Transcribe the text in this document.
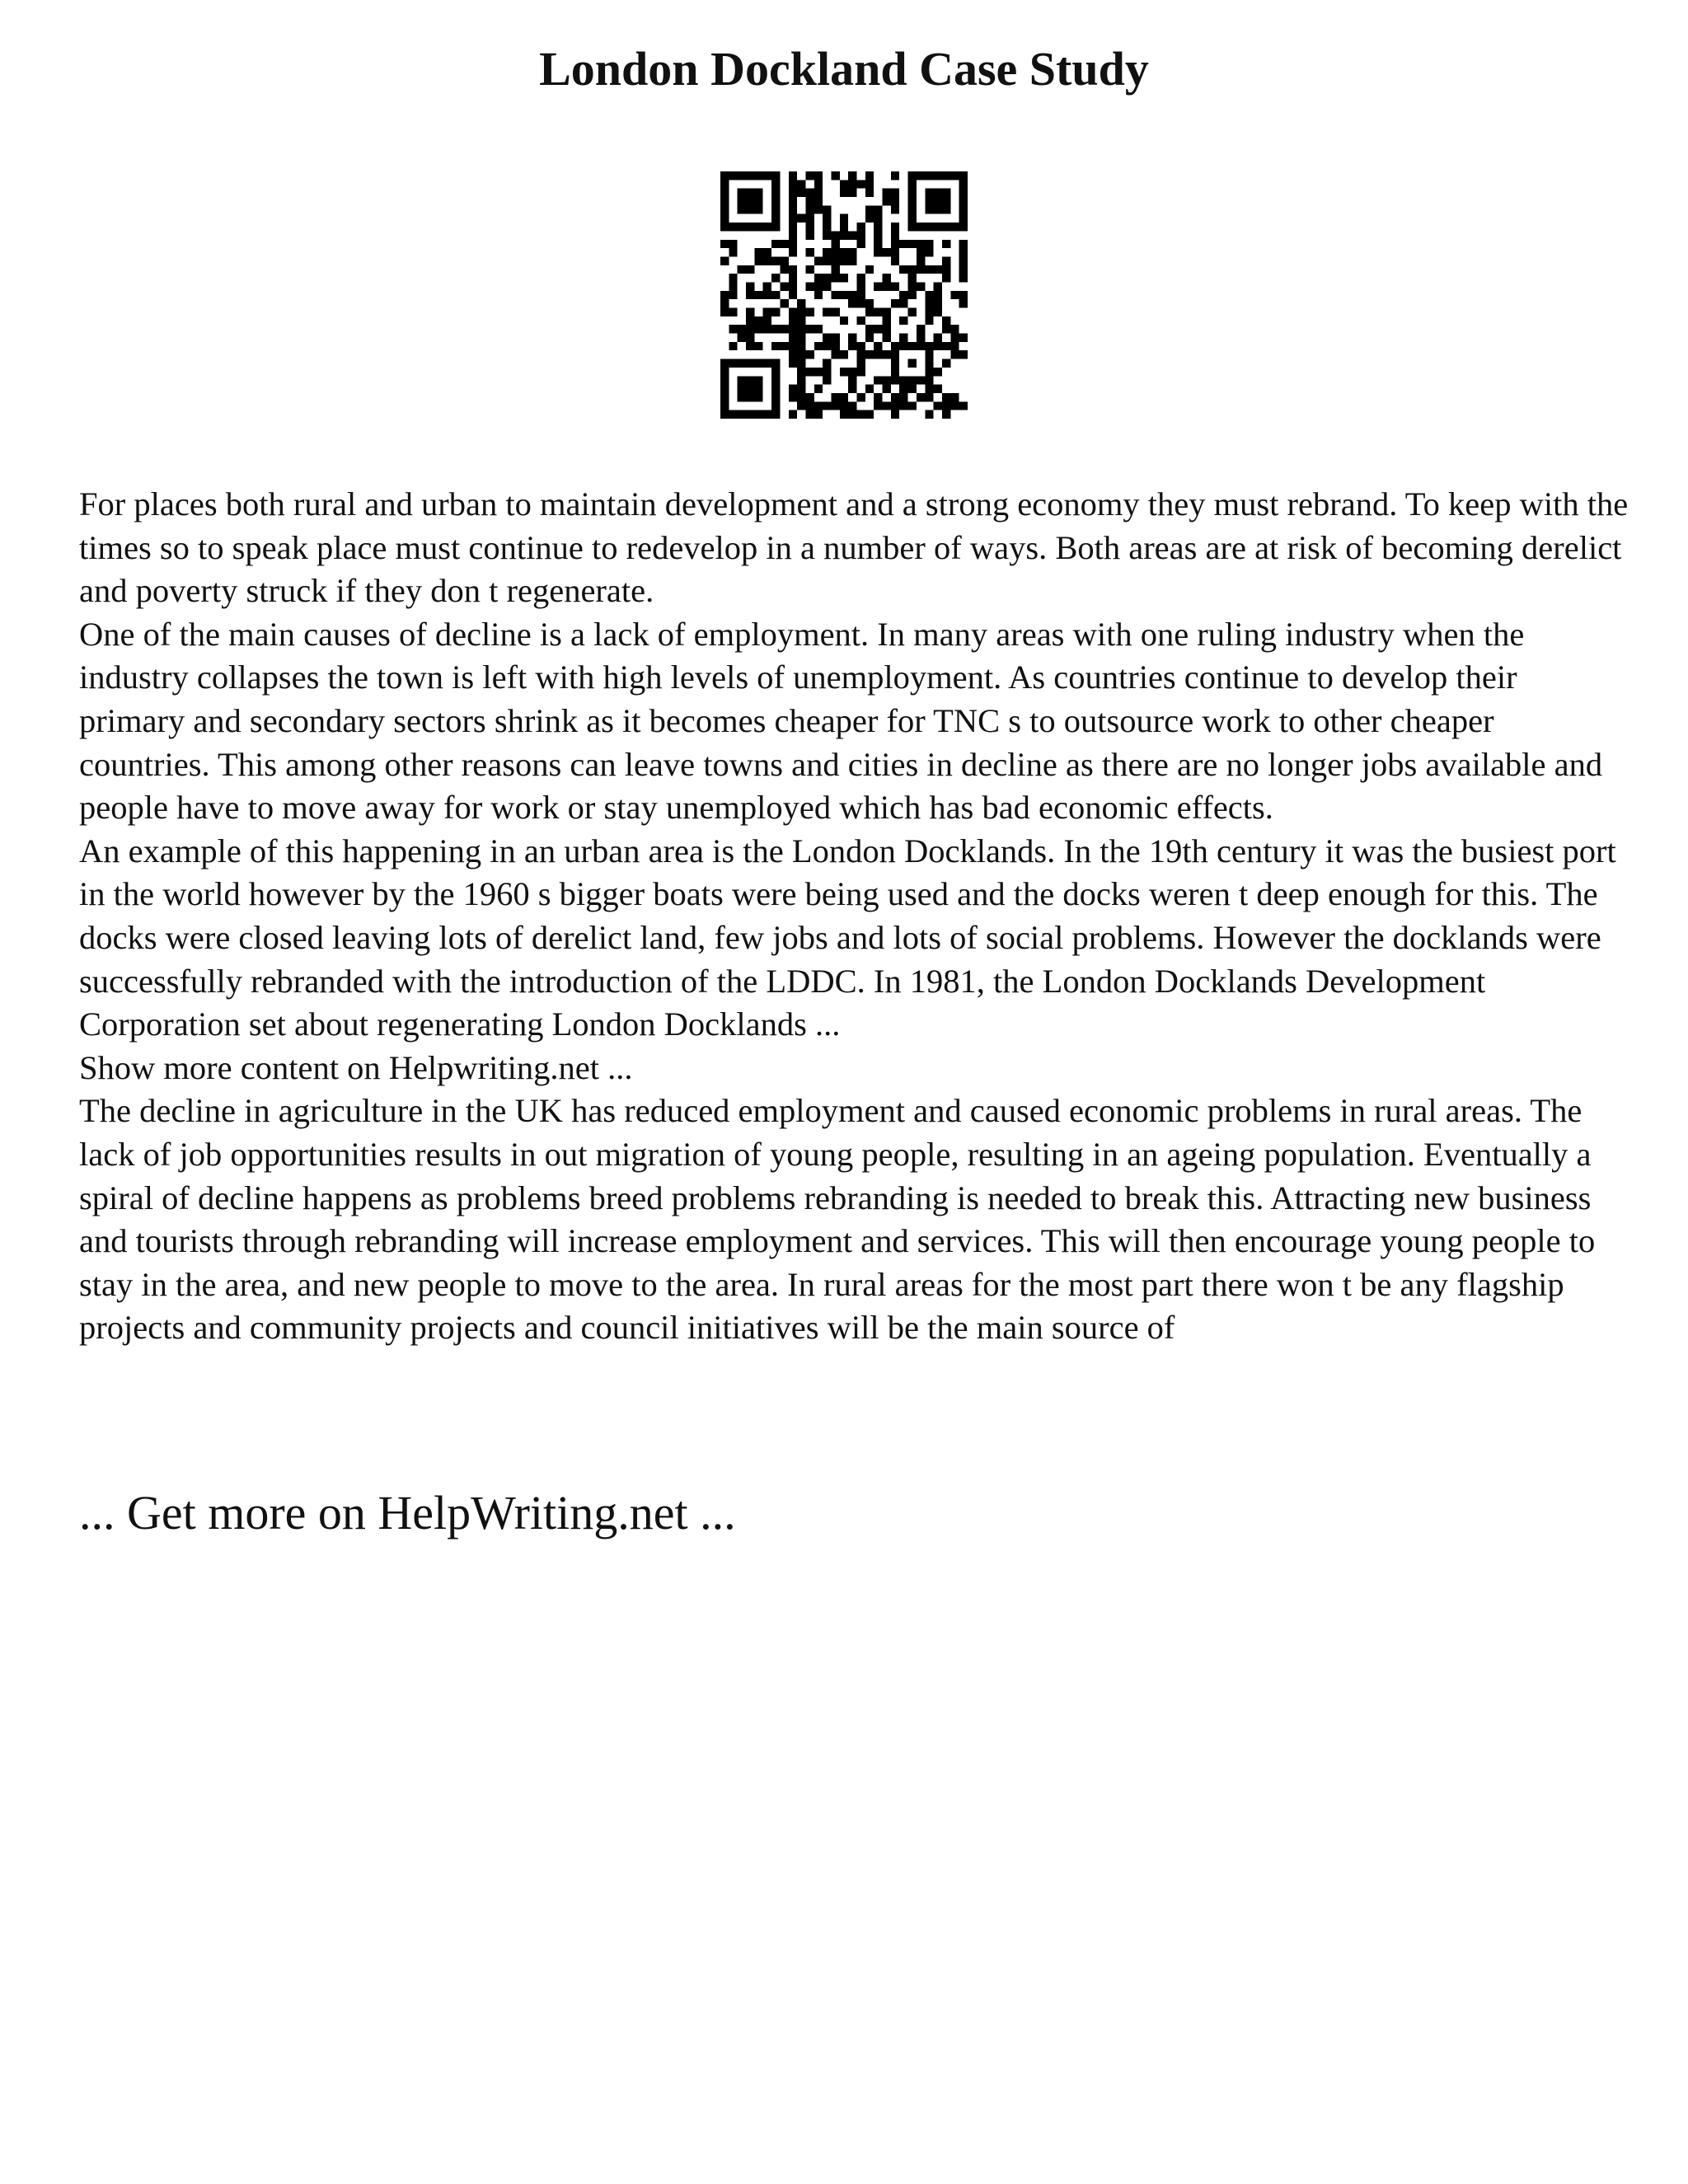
London Dockland Case Study

For places both rural and urban to maintain development and a strong economy they must rebrand. To keep with the times so to speak place must continue to redevelop in a number of ways. Both areas are at risk of becoming derelict and poverty struck if they don t regenerate.

One of the main causes of decline is a lack of employment. In many areas with one ruling industry when the industry collapses the town is left with high levels of unemployment. As countries continue to develop their primary and secondary sectors shrink as it becomes cheaper for TNC s to outsource work to other cheaper countries. This among other reasons can leave towns and cities in decline as there are no longer jobs available and people have to move away for work or stay unemployed which has bad economic effects.

An example of this happening in an urban area is the London Docklands. In the 19th century it was the busiest port in the world however by the 1960 s bigger boats were being used and the docks weren t deep enough for this. The docks were closed leaving lots of derelict land, few jobs and lots of social problems. However the docklands were successfully rebranded with the introduction of the LDDC. In 1981, the London Docklands Development Corporation set about regenerating London Docklands ...

Show more content on Helpwriting.net ...

The decline in agriculture in the UK has reduced employment and caused economic problems in rural areas. The lack of job opportunities results in out migration of young people, resulting in an ageing population. Eventually a spiral of decline happens as problems breed problems rebranding is needed to break this. Attracting new business and tourists through rebranding will increase employment and services. This will then encourage young people to stay in the area, and new people to move to the area. In rural areas for the most part there won t be any flagship projects and community projects and council initiatives will be the main source of

... Get more on HelpWriting.net ...
